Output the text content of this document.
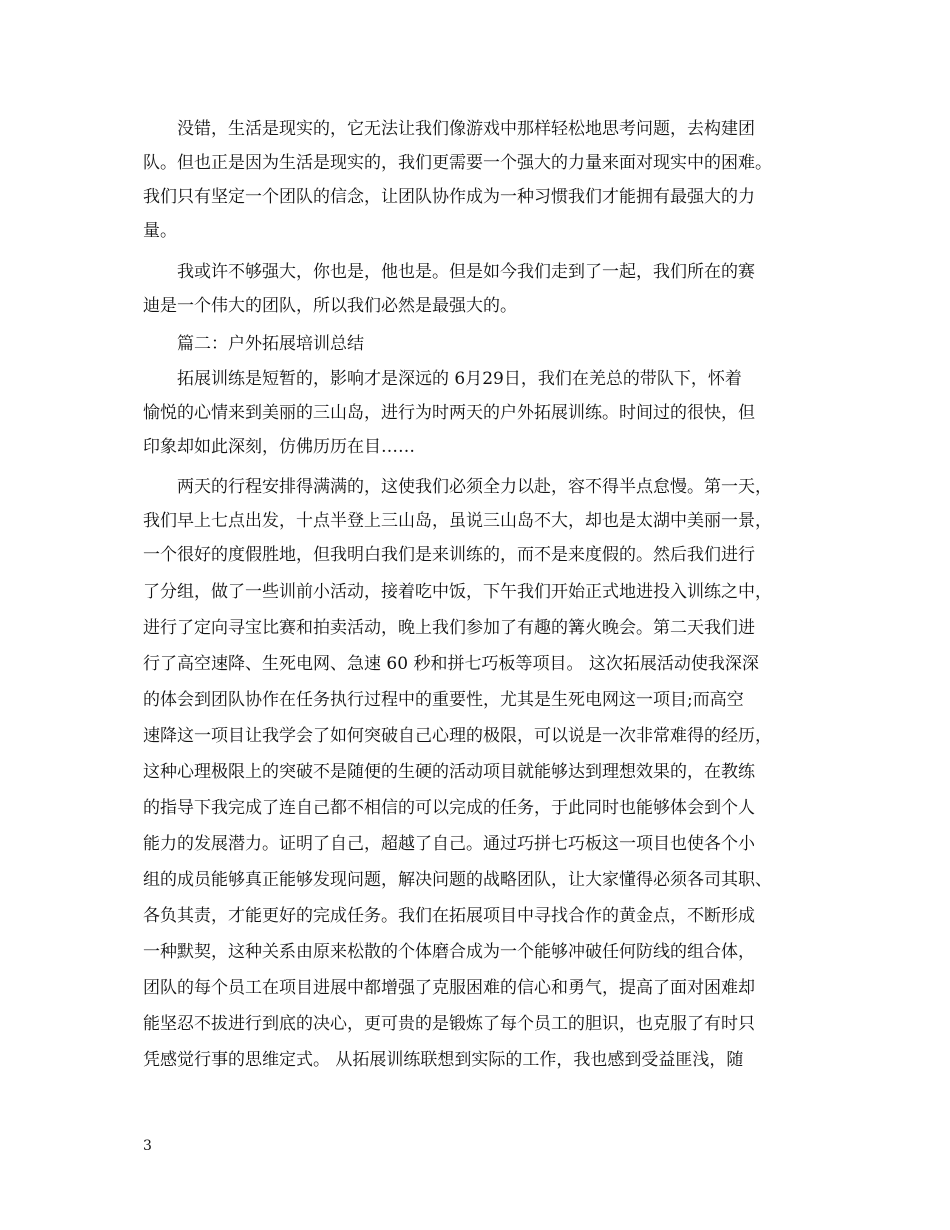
　　没错，生活是现实的，它无法让我们像游戏中那样轻松地思考问题，去构建团
队。但也正是因为生活是现实的，我们更需要一个强大的力量来面对现实中的困难。
我们只有坚定一个团队的信念，让团队协作成为一种习惯我们才能拥有最强大的力
量。
　　我或许不够强大，你也是，他也是。但是如今我们走到了一起，我们所在的赛
迪是一个伟大的团队，所以我们必然是最强大的。
　　篇二：户外拓展培训总结
　　拓展训练是短暂的，影响才是深远的 6月29日，我们在羌总的带队下，怀着
愉悦的心情来到美丽的三山岛，进行为时两天的户外拓展训练。时间过的很快，但
印象却如此深刻，仿佛历历在目……
　　两天的行程安排得满满的，这使我们必须全力以赴，容不得半点怠慢。第一天，
我们早上七点出发，十点半登上三山岛，虽说三山岛不大，却也是太湖中美丽一景，
一个很好的度假胜地，但我明白我们是来训练的，而不是来度假的。然后我们进行
了分组，做了一些训前小活动，接着吃中饭，下午我们开始正式地进投入训练之中，
进行了定向寻宝比赛和拍卖活动，晚上我们参加了有趣的篝火晚会。第二天我们进
行了高空速降、生死电网、急速 60 秒和拼七巧板等项目。 这次拓展活动使我深深
的体会到团队协作在任务执行过程中的重要性，尤其是生死电网这一项目;而高空
速降这一项目让我学会了如何突破自己心理的极限，可以说是一次非常难得的经历，
这种心理极限上的突破不是随便的生硬的活动项目就能够达到理想效果的，在教练
的指导下我完成了连自己都不相信的可以完成的任务，于此同时也能够体会到个人
能力的发展潜力。证明了自己，超越了自己。通过巧拼七巧板这一项目也使各个小
组的成员能够真正能够发现问题，解决问题的战略团队，让大家懂得必须各司其职、
各负其责，才能更好的完成任务。我们在拓展项目中寻找合作的黄金点，不断形成
一种默契，这种关系由原来松散的个体磨合成为一个能够冲破任何防线的组合体，
团队的每个员工在项目进展中都增强了克服困难的信心和勇气，提高了面对困难却
能坚忍不拔进行到底的决心，更可贵的是锻炼了每个员工的胆识，也克服了有时只
凭感觉行事的思维定式。 从拓展训练联想到实际的工作，我也感到受益匪浅，随
3
